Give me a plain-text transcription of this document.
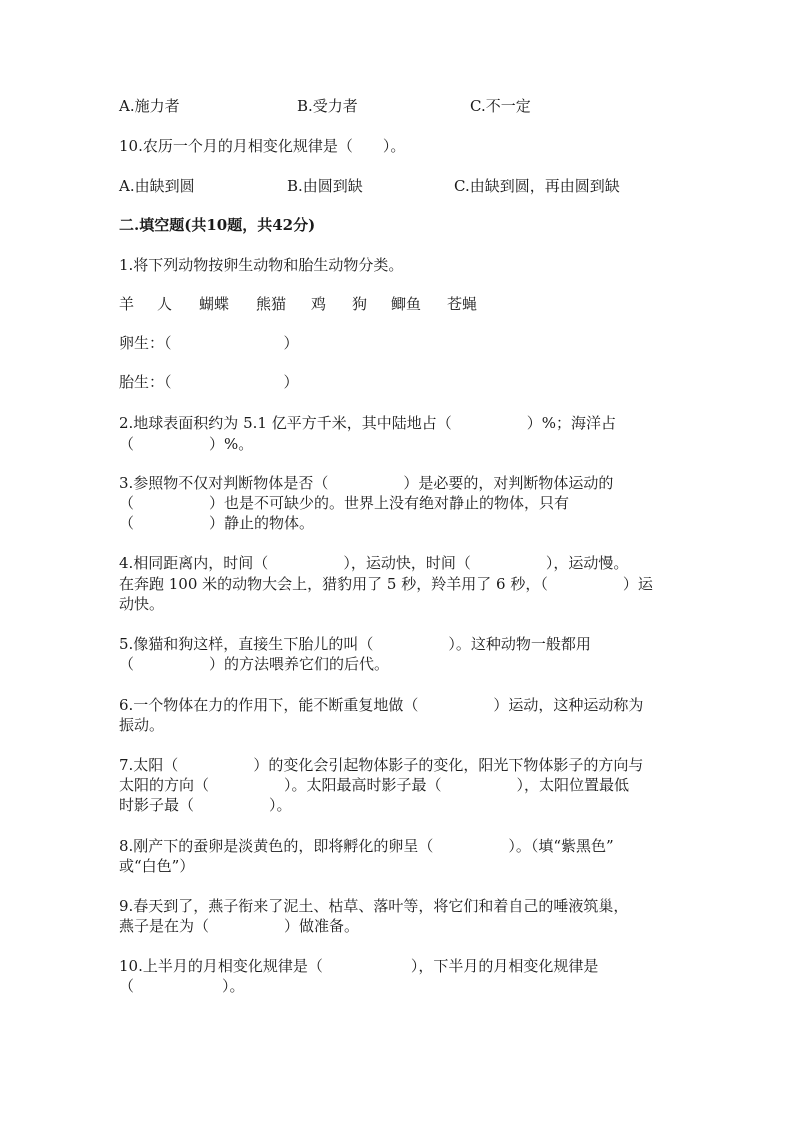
A.施力者	B.受力者	C.不一定
10.农历一个月的月相变化规律是（　　）。
A.由缺到圆	B.由圆到缺	C.由缺到圆，再由圆到缺
二.填空题(共10题，共42分)
1.将下列动物按卵生动物和胎生动物分类。
羊 人 蝴蝶 熊猫 鸡 狗 鲫鱼 苍蝇
卵生：（	）
胎生：（	）
2.地球表面积约为 5.1 亿平方千米，其中陆地占（	）%；海洋占
（	）%。
3.参照物不仅对判断物体是否（	）是必要的，对判断物体运动的
（	）也是不可缺少的。世界上没有绝对静止的物体，只有
（	）静止的物体。
4.相同距离内，时间（	），运动快，时间（	），运动慢。
在奔跑 100 米的动物大会上，猎豹用了 5 秒，羚羊用了 6 秒，（	）运
动快。
5.像猫和狗这样，直接生下胎儿的叫（	）。这种动物一般都用
（	）的方法喂养它们的后代。
6.一个物体在力的作用下，能不断重复地做（	）运动，这种运动称为
振动。
7.太阳（	）的变化会引起物体影子的变化，阳光下物体影子的方向与
太阳的方向（	）。太阳最高时影子最（	），太阳位置最低
时影子最（	）。
8.刚产下的蚕卵是淡黄色的，即将孵化的卵呈（	）。（填“紫黑色”
或“白色”）
9.春天到了，燕子衔来了泥土、枯草、落叶等，将它们和着自己的唾液筑巢，
燕子是在为（	）做准备。
10.上半月的月相变化规律是（	），下半月的月相变化规律是
（	）。
